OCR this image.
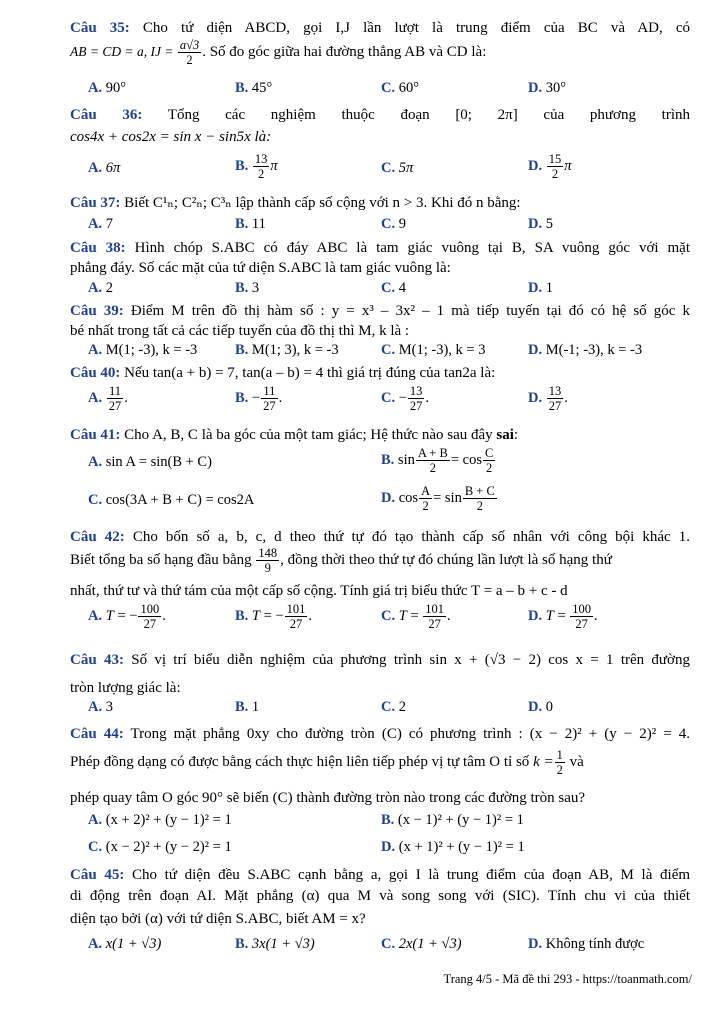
Câu 35: Cho tứ diện ABCD, gọi I,J lần lượt là trung điểm của BC và AD, có
AB = CD = a, IJ = $\frac{a√3}{2}$ . Số đo góc giữa hai đường thẳng AB và CD là:
A. 90°	B. 45°	C. 60°	D. 30°
Câu 36: Tổng các nghiệm thuộc đoạn [0; 2π] của phương trình
cos4x + cos2x = sin x − sin5x là:
A. 6π	B. $\frac{13}{2}$ π	C. 5π	D. $\frac{15}{2}$ π
Câu 37: Biết C¹ₙ; C²ₙ; C³ₙ lập thành cấp số cộng với n > 3. Khi đó n bằng:
A. 7	B. 11	C. 9	D. 5
Câu 38: Hình chóp S.ABC có đáy ABC là tam giác vuông tại B, SA vuông góc với mặt
phẳng đáy. Số các mặt của tứ diện S.ABC là tam giác vuông là:
A. 2	B. 3	C. 4	D. 1
Câu 39: Điểm M trên đồ thị hàm số : y = x³ – 3x² – 1 mà tiếp tuyến tại đó có hệ số góc k
bé nhất trong tất cả các tiếp tuyến của đồ thị thì M, k là :
A. M(1; -3), k = -3	B. M(1; 3), k = -3	C. M(1; -3), k = 3	D. M(-1; -3), k = -3
Câu 40: Nếu tan(a + b) = 7, tan(a – b) = 4 thì giá trị đúng của tan2a là:
A. $\frac{11}{27}$ .	B. − $\frac{11}{27}$ .	C. − $\frac{13}{27}$ .	D. $\frac{13}{27}$ .
Câu 41: Cho A, B, C là ba góc của một tam giác; Hệ thức nào sau đây sai:
A. sin A = sin(B + C)	B. $\sin \frac{A + B}{2} = \cos \frac{C}{2}$
C. cos(3A + B + C) = cos2A	D. $\cos \frac{A}{2} = \sin \frac{B + C}{2}$
Câu 42: Cho bốn số a, b, c, d theo thứ tự đó tạo thành cấp số nhân với công bội khác 1.
Biết tổng ba số hạng đầu bằng $\frac{148}{9}$ , đồng thời theo thứ tự đó chúng lần lượt là số hạng thứ
nhất, thứ tư và thứ tám của một cấp số cộng. Tính giá trị biểu thức T = a – b + c - d
A. T = − $\frac{100}{27}$ .	B. T = − $\frac{101}{27}$ .	C. $T = \frac{101}{27}$ .	D. $T = \frac{100}{27}$ .
Câu 43: Số vị trí biểu diễn nghiệm của phương trình sin x + (√3 − 2) cos x = 1 trên đường
tròn lượng giác là:
A. 3	B. 1	C. 2	D. 0
Câu 44: Trong mặt phẳng 0xy cho đường tròn (C) có phương trình : (x − 2)² + (y − 2)² = 4.
Phép đồng dạng có được bằng cách thực hiện liên tiếp phép vị tự tâm O tỉ số $k = \frac{1}{2}$ và
phép quay tâm O góc 90° sẽ biến (C) thành đường tròn nào trong các đường tròn sau?
A. (x + 2)² + (y − 1)² = 1	B. (x − 1)² + (y − 1)² = 1
C. (x − 2)² + (y − 2)² = 1	D. (x + 1)² + (y − 1)² = 1
Câu 45: Cho tứ diện đều S.ABC cạnh bằng a, gọi I là trung điểm của đoạn AB, M là điểm
di động trên đoạn AI. Mặt phẳng (α) qua M và song song với (SIC). Tính chu vi của thiết
diện tạo bởi (α) với tứ diện S.ABC, biết AM = x?
A. x(1 + √3)	B. 3x(1 + √3)	C. 2x(1 + √3)	D. Không tính được
Trang 4/5 - Mã đề thi 293 - https://toanmath.com/
